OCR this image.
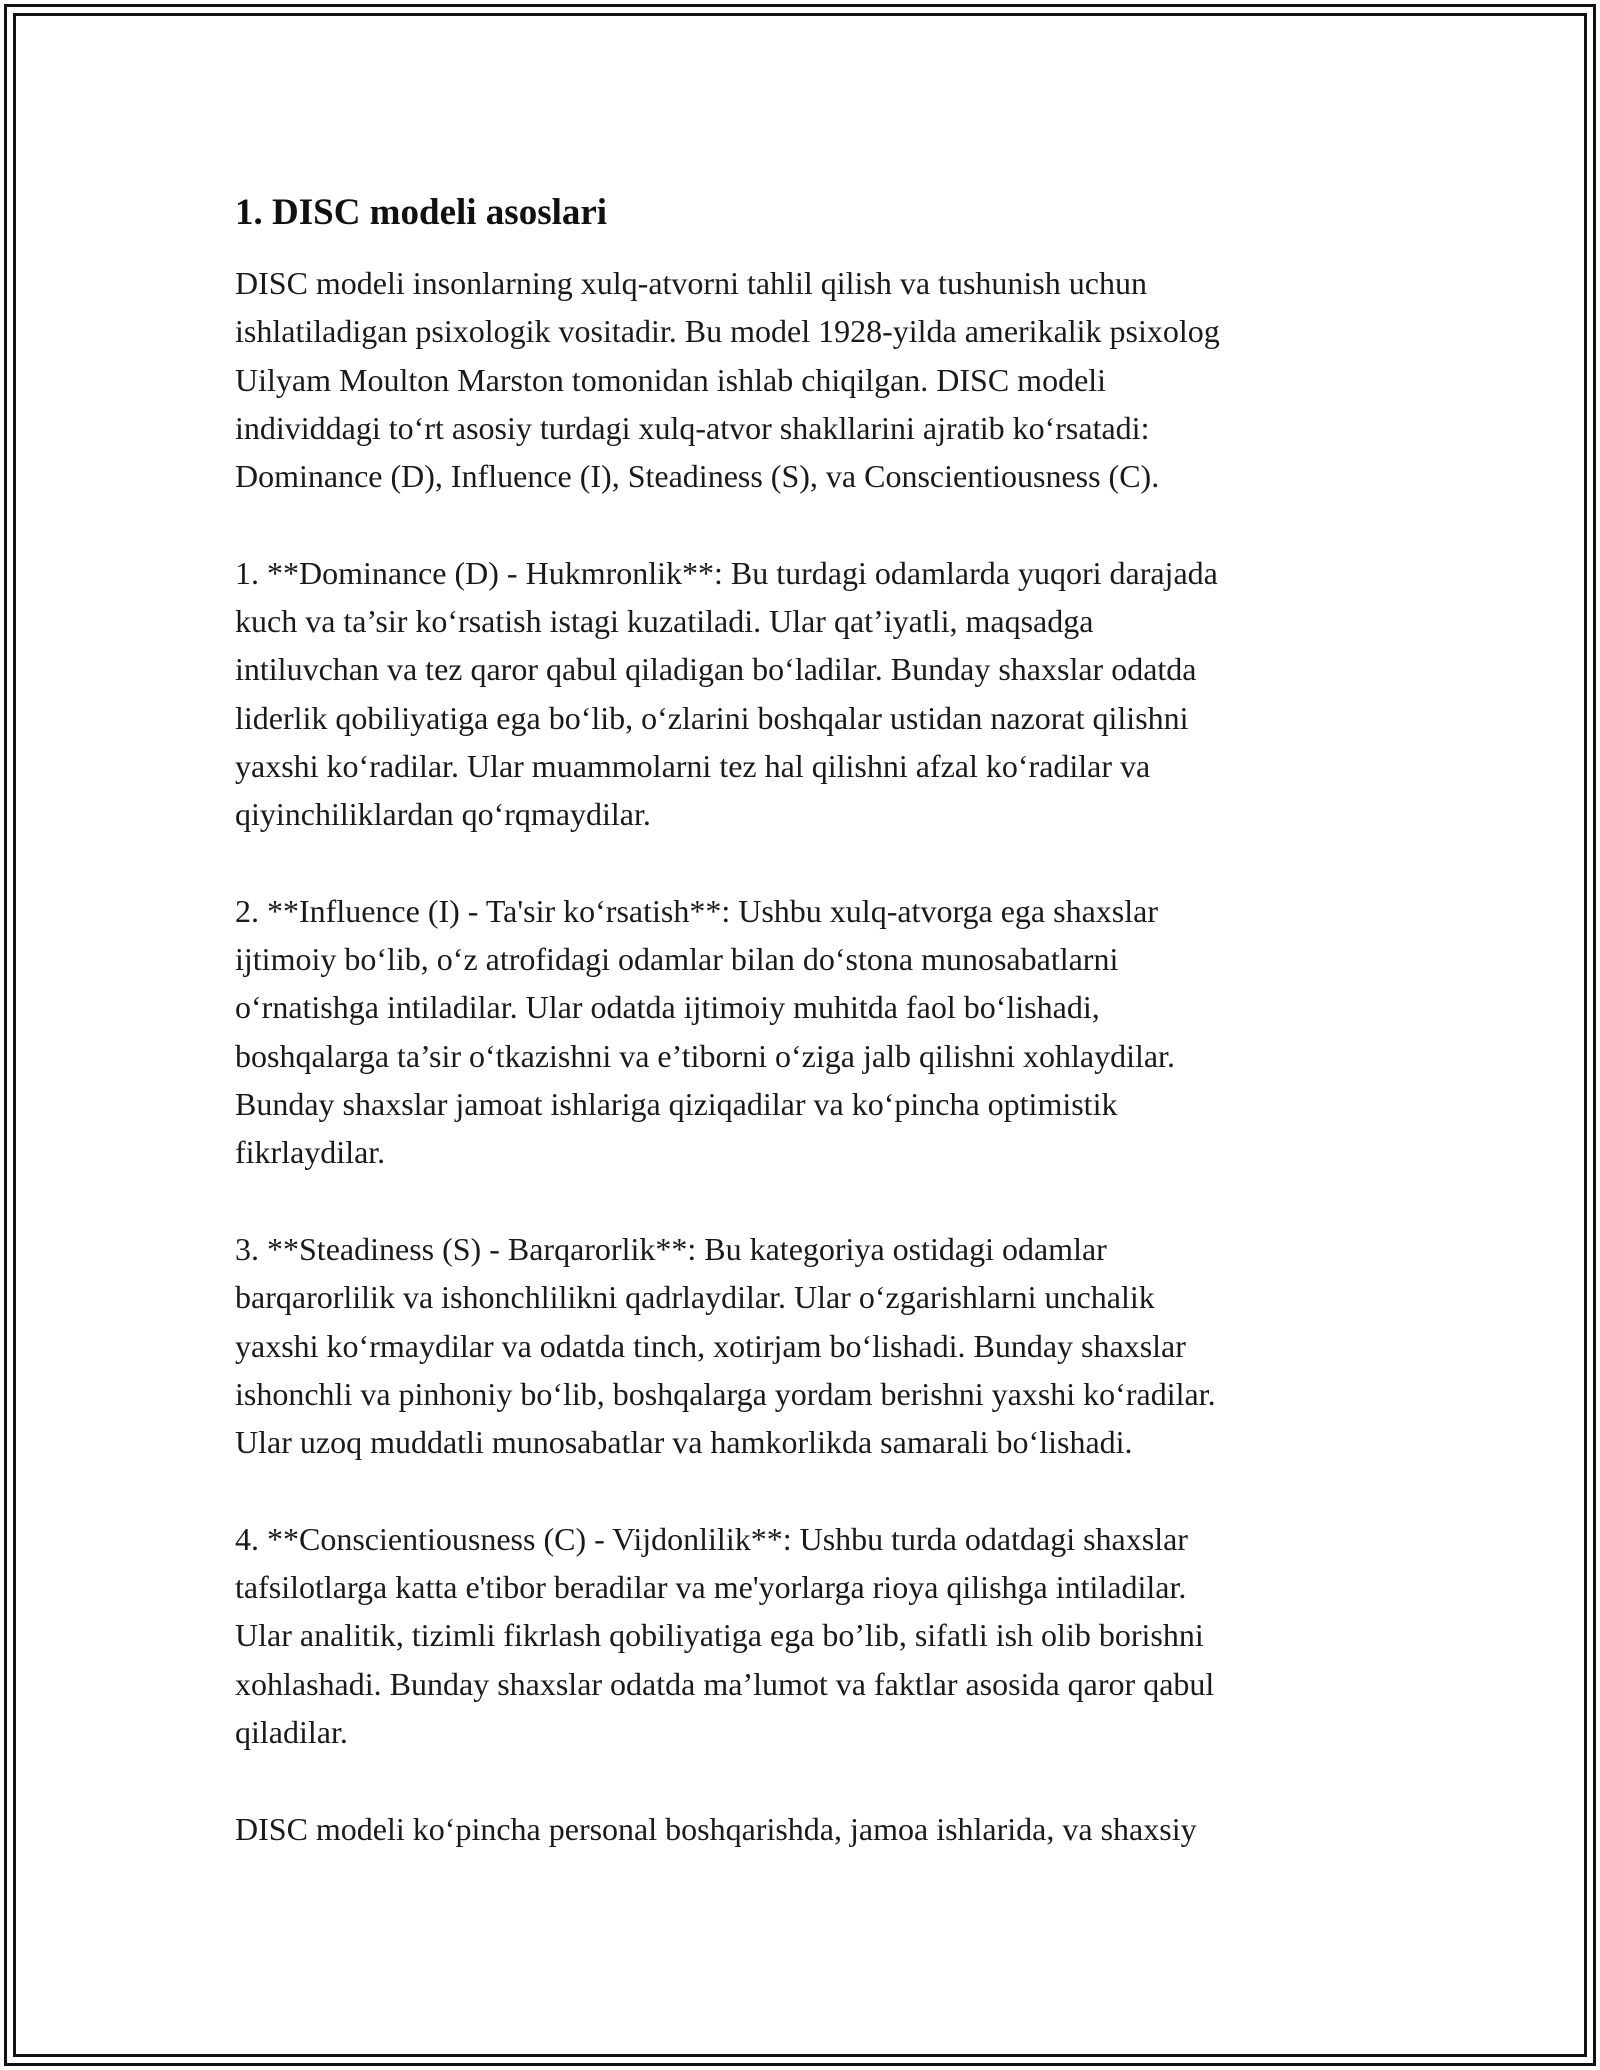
1. DISC modeli asoslari

DISC modeli insonlarning xulq-atvorni tahlil qilish va tushunish uchun
ishlatiladigan psixologik vositadir. Bu model 1928-yilda amerikalik psixolog
Uilyam Moulton Marston tomonidan ishlab chiqilgan. DISC modeli
individdagi to‘rt asosiy turdagi xulq-atvor shakllarini ajratib ko‘rsatadi:
Dominance (D), Influence (I), Steadiness (S), va Conscientiousness (C).

1. **Dominance (D) - Hukmronlik**: Bu turdagi odamlarda yuqori darajada
kuch va ta’sir ko‘rsatish istagi kuzatiladi. Ular qat’iyatli, maqsadga
intiluvchan va tez qaror qabul qiladigan bo‘ladilar. Bunday shaxslar odatda
liderlik qobiliyatiga ega bo‘lib, o‘zlarini boshqalar ustidan nazorat qilishni
yaxshi ko‘radilar. Ular muammolarni tez hal qilishni afzal ko‘radilar va
qiyinchiliklardan qo‘rqmaydilar.

2. **Influence (I) - Ta'sir ko‘rsatish**: Ushbu xulq-atvorga ega shaxslar
ijtimoiy bo‘lib, o‘z atrofidagi odamlar bilan do‘stona munosabatlarni
o‘rnatishga intiladilar. Ular odatda ijtimoiy muhitda faol bo‘lishadi,
boshqalarga ta’sir o‘tkazishni va e’tiborni o‘ziga jalb qilishni xohlaydilar.
Bunday shaxslar jamoat ishlariga qiziqadilar va ko‘pincha optimistik
fikrlaydilar.

3. **Steadiness (S) - Barqarorlik**: Bu kategoriya ostidagi odamlar
barqarorlilik va ishonchlilikni qadrlaydilar. Ular o‘zgarishlarni unchalik
yaxshi ko‘rmaydilar va odatda tinch, xotirjam bo‘lishadi. Bunday shaxslar
ishonchli va pinhoniy bo‘lib, boshqalarga yordam berishni yaxshi ko‘radilar.
Ular uzoq muddatli munosabatlar va hamkorlikda samarali bo‘lishadi.

4. **Conscientiousness (C) - Vijdonlilik**: Ushbu turda odatdagi shaxslar
tafsilotlarga katta e'tibor beradilar va me'yorlarga rioya qilishga intiladilar.
Ular analitik, tizimli fikrlash qobiliyatiga ega bo’lib, sifatli ish olib borishni
xohlashadi. Bunday shaxslar odatda ma’lumot va faktlar asosida qaror qabul
qiladilar.

DISC modeli ko‘pincha personal boshqarishda, jamoa ishlarida, va shaxsiy
